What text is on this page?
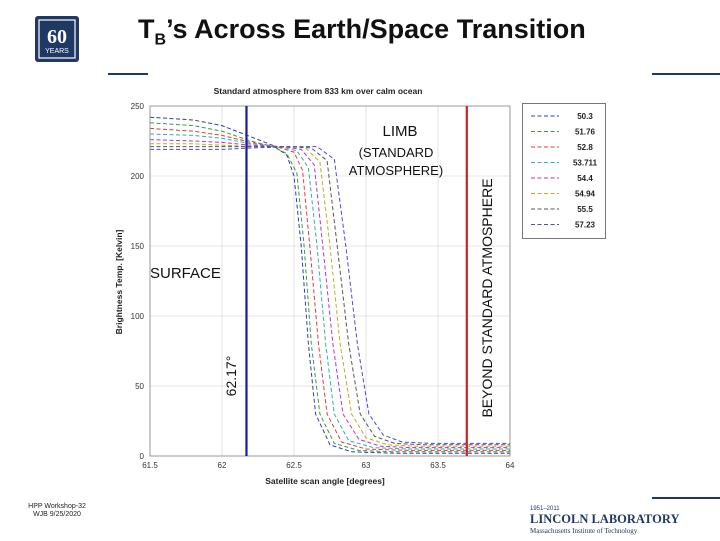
60
YEARS
$T_B’s$ Across Earth/Space Transition
Standard atmosphere from 833 km over calm ocean
61.5	62	62.5	63	63.5	64
0
50
100
150
200
250
Satellite scan angle [degrees]
Brightness Temp. [Kelvin]
LIMB
(STANDARD
ATMOSPHERE)
SURFACE
62.17°	BEYOND STANDARD ATMOSPHERE
50.3
51.76
52.8
53.711
54.4
54.94
55.5
57.23
HPP Workshop-32
WJB 9/25/2020
1951–2011
LINCOLN LABORATORY
Massachusetts Institute of Technology
